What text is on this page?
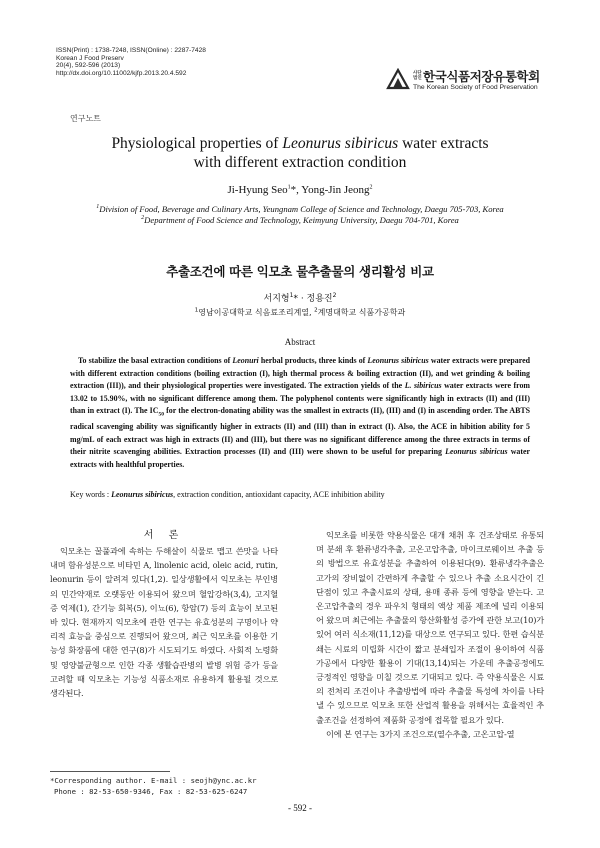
ISSN(Print) : 1738-7248, ISSN(Online) : 2287-7428
Korean J Food Preserv
20(4), 592-596 (2013)
http://dx.doi.org/10.11002/kjfp.2013.20.4.592	사단
법인 한국식품저장유통학회
The Korean Society of Food Preservation
연구노트
Physiological properties of Leonurus sibiricus water extracts
with different extraction condition
Ji-Hyung Seo$^1$*, Yong-Jin Jeong$^2$
$^1$Division of Food, Beverage and Culinary Arts, Yeungnam College of Science and Technology, Daegu 705-703, Korea
$^2$Department of Food Science and Technology, Keimyung University, Daegu 704-701, Korea
추출조건에 따른 익모초 물추출물의 생리활성 비교
서지형$^1$* · 정용진$^2$
$^1$영남이공대학교 식음료조리계열, $^2$계명대학교 식품가공학과
Abstract

To stabilize the basal extraction conditions of Leonuri herbal products, three kinds of Leonurus sibiricus water extracts were prepared with different extraction conditions (boiling extraction (I), high thermal process & boiling extraction (II), and wet grinding & boiling extraction (III)), and their physiological properties were investigated. The extraction yields of the L. sibiricus water extracts were from 13.02 to 15.90%, with no significant difference among them. The polyphenol contents were significantly high in extracts (II) and (III) than in extract (I). The $IC_{50}$ for the electron-donating ability was the smallest in extracts (II), (III) and (I) in ascending order. The ABTS radical scavenging ability was significantly higher in extracts (II) and (III) than in extract (I). Also, the ACE in hibition ability for 5 mg/mL of each extract was high in extracts (II) and (III), but there was no significant difference among the three extracts in terms of their nitrite scavenging abilities. Extraction processes (II) and (III) were shown to be useful for preparing Leonurus sibiricus water extracts with healthful properties.

Key words : Leonurus sibiricus, extraction condition, antioxidant capacity, ACE inhibition ability
서 론

익모초는 꿀풀과에 속하는 두해살이 식물로 맵고 쓴맛을 나타내며 함유성분으로 비타민 A, linolenic acid, oleic acid, rutin, leonurin 등이 알려져 있다(1,2). 일상생활에서 익모초는 부인병의 민간약재로 오랫동안 이용되어 왔으며 혈압강하(3,4), 고지혈증 억제(1), 간기능 회복(5), 이뇨(6), 항암(7) 등의 효능이 보고된 바 있다. 현재까지 익모초에 관한 연구는 유효성분의 구명이나 약리적 효능을 중심으로 진행되어 왔으며, 최근 익모초를 이용한 기능성 화장품에 대한 연구(8)가 시도되기도 하였다. 사회적 노령화 및 영양불균형으로 인한 각종 생활습관병의 발병 위험 증가 등을 고려할 때 익모초는 기능성 식품소재로 유용하게 활용될 것으로 생각된다.

익모초를 비롯한 약용식물은 대개 채취 후 건조상태로 유통되며 분쇄 후 환류냉각추출, 고온고압추출, 마이크로웨이브 추출 등의 방법으로 유효성분을 추출하여 이용된다(9). 환류냉각추출은 고가의 장비없이 간편하게 추출할 수 있으나 추출 소요시간이 긴 단점이 있고 추출시료의 상태, 용매 종류 등에 영향을 받는다. 고온고압추출의 경우 파우치 형태의 액상 제품 제조에 널리 이용되어 왔으며 최근에는 추출물의 항산화활성 증가에 관한 보고(10)가 있어 여러 식소재(11,12)를 대상으로 연구되고 있다. 한편 습식분쇄는 시료의 미립화 시간이 짧고 분쇄입자 조절이 용이하여 식품가공에서 다양한 활용이 기대(13,14)되는 가운데 추출공정에도 긍정적인 영향을 미칠 것으로 기대되고 있다. 즉 약용식물은 시료의 전처리 조건이나 추출방법에 따라 추출물 특성에 차이를 나타낼 수 있으므로 익모초 또한 산업적 활용을 위해서는 효율적인 추출조건을 선정하여 제품화 공정에 접목할 필요가 있다.

이에 본 연구는 3가지 조건으로(열수추출, 고온고압-열

*Corresponding author. E-mail : seojh@ync.ac.kr
Phone : 82-53-650-9346, Fax : 82-53-625-6247
- 592 -
